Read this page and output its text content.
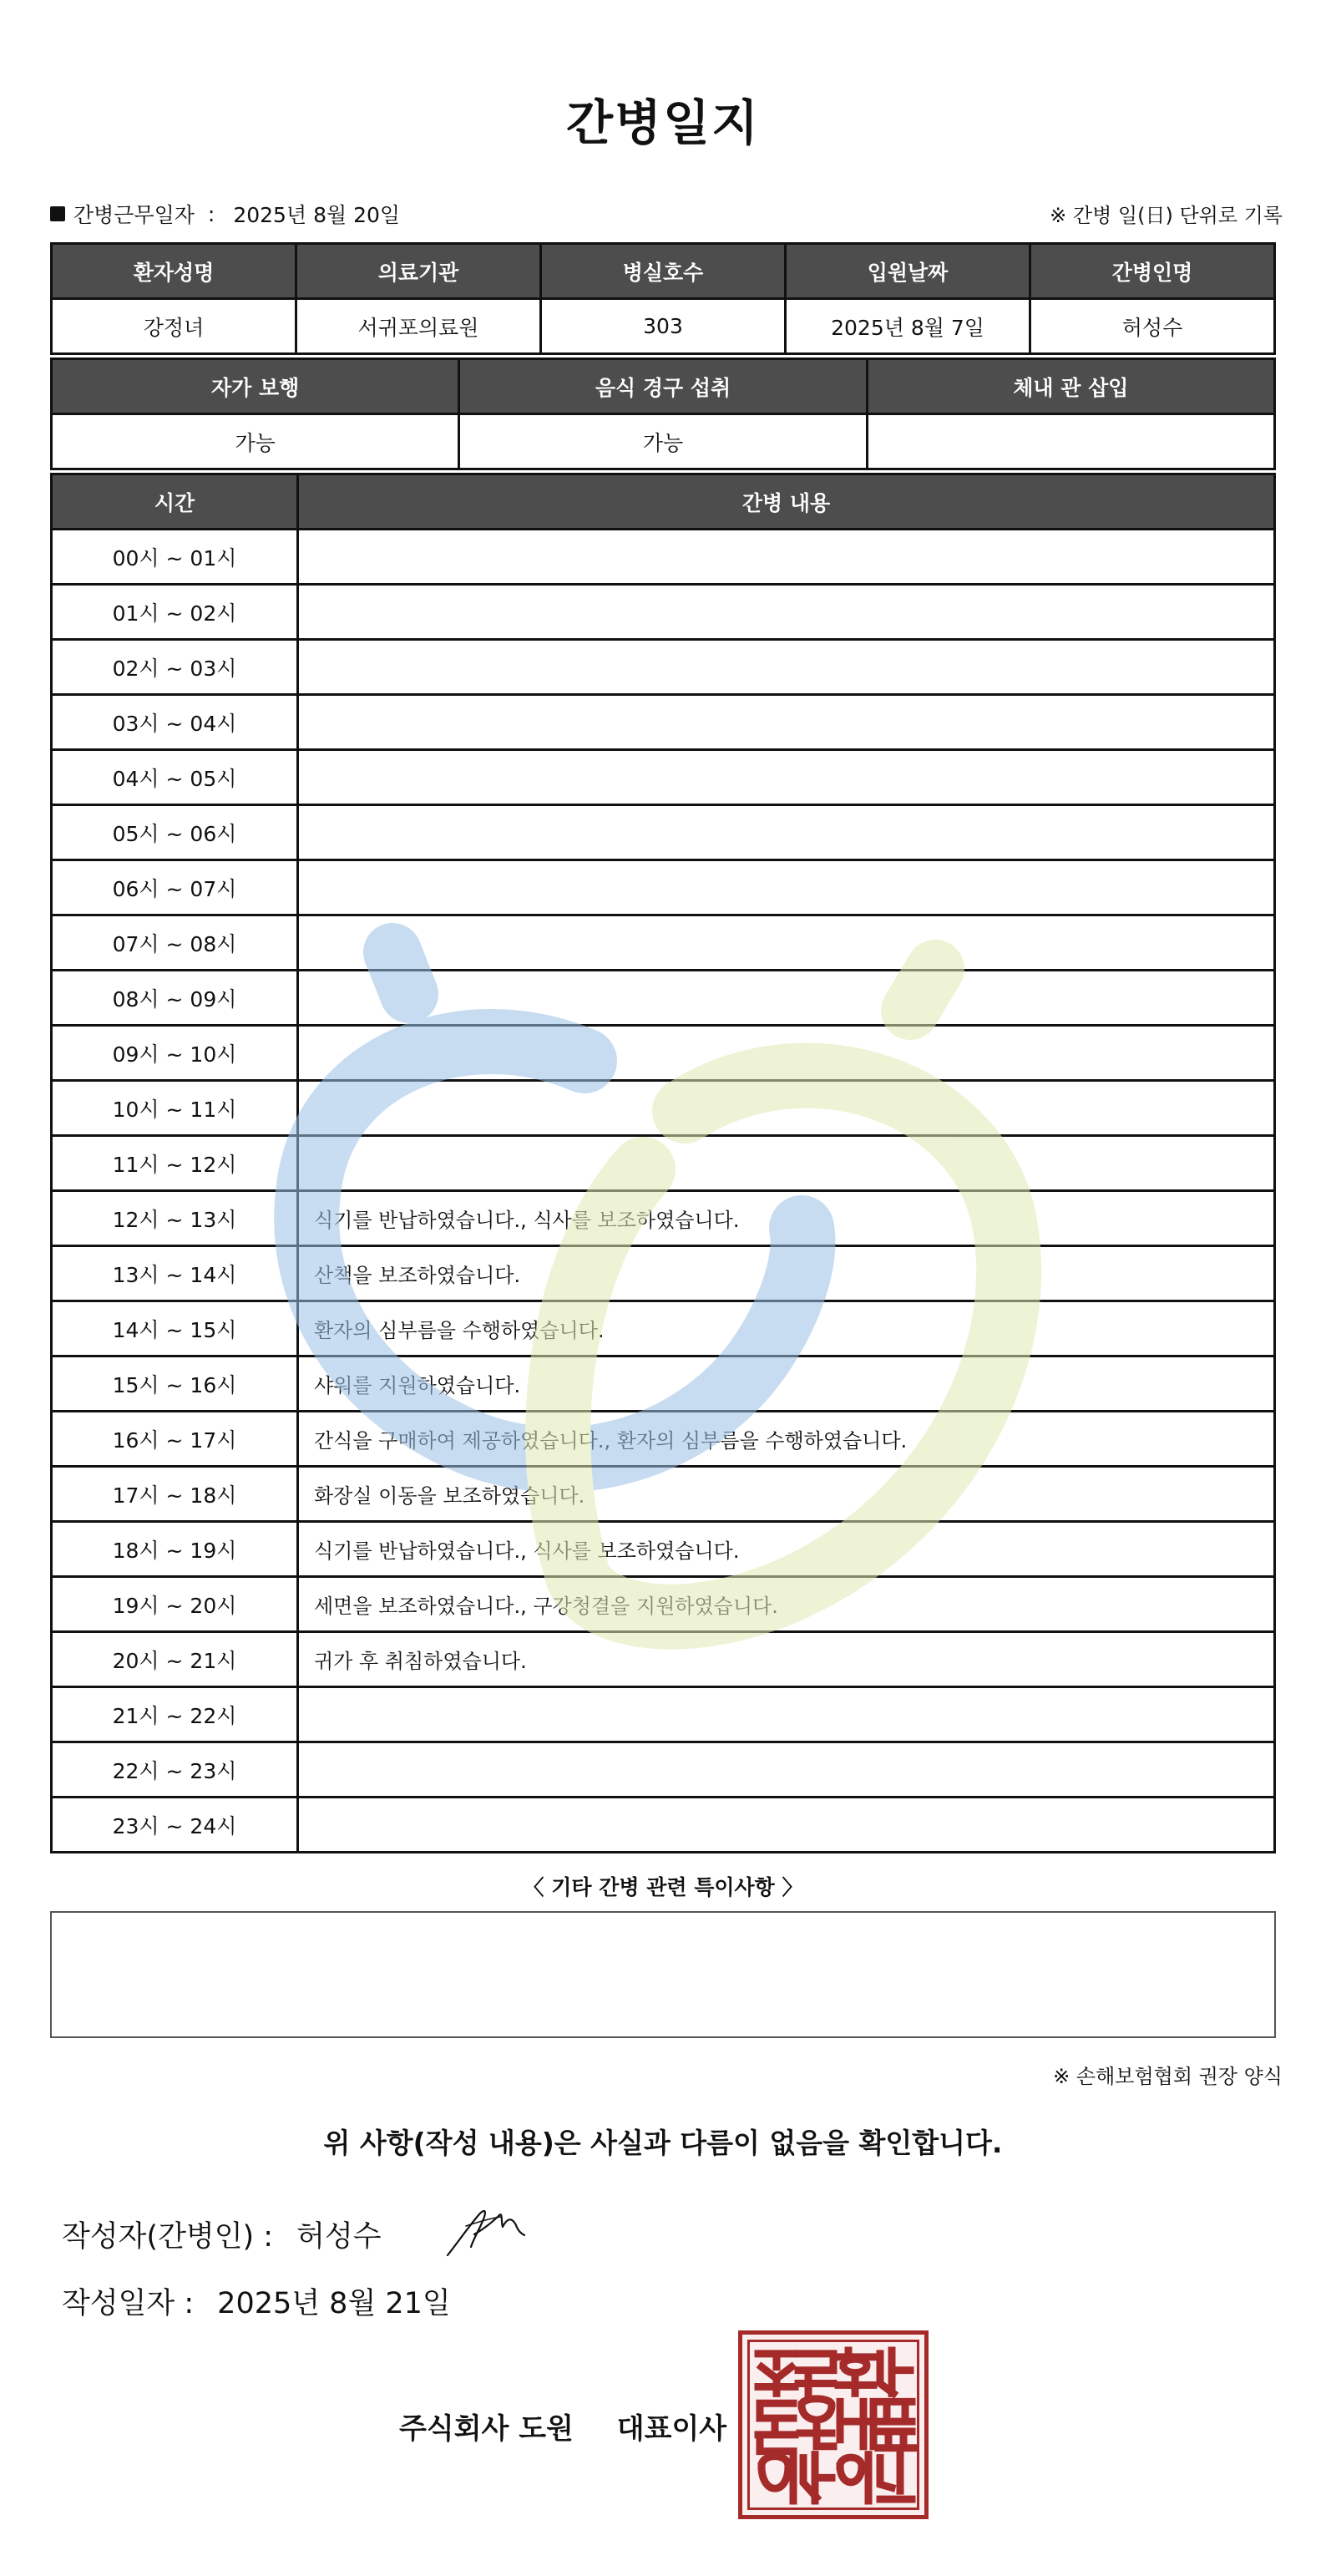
간병일지
간병근무일자 : 2025년 8월 20일	※ 간병 일(日) 단위로 기록
환자성명	의료기관	병실호수	입원날짜	간병인명
강정녀	서귀포의료원	303	2025년 8월 7일	허성수
자가 보행	음식 경구 섭취	체내 관 삽입
가능	가능	
시간	간병 내용
00시 ~ 01시	
01시 ~ 02시	
02시 ~ 03시	
03시 ~ 04시	
04시 ~ 05시	
05시 ~ 06시	
06시 ~ 07시	
07시 ~ 08시	
08시 ~ 09시	
09시 ~ 10시	
10시 ~ 11시	
11시 ~ 12시	
12시 ~ 13시	식기를 반납하였습니다., 식사를 보조하였습니다.
13시 ~ 14시	산책을 보조하였습니다.
14시 ~ 15시	환자의 심부름을 수행하였습니다.
15시 ~ 16시	샤워를 지원하였습니다.
16시 ~ 17시	간식을 구매하여 제공하였습니다., 환자의 심부름을 수행하였습니다.
17시 ~ 18시	화장실 이동을 보조하였습니다.
18시 ~ 19시	식기를 반납하였습니다., 식사를 보조하였습니다.
19시 ~ 20시	세면을 보조하였습니다., 구강청결을 지원하였습니다.
20시 ~ 21시	귀가 후 취침하였습니다.
21시 ~ 22시	
22시 ~ 23시	
23시 ~ 24시	
〈 기타 간병 관련 특이사항 〉
※ 손해보험협회 권장 양식
위 사항(작성 내용)은 사실과 다름이 없음을 확인합니다.
작성자(간병인) : 허성수
작성일자 : 2025년 8월 21일
주식회사 도원 대표이사
